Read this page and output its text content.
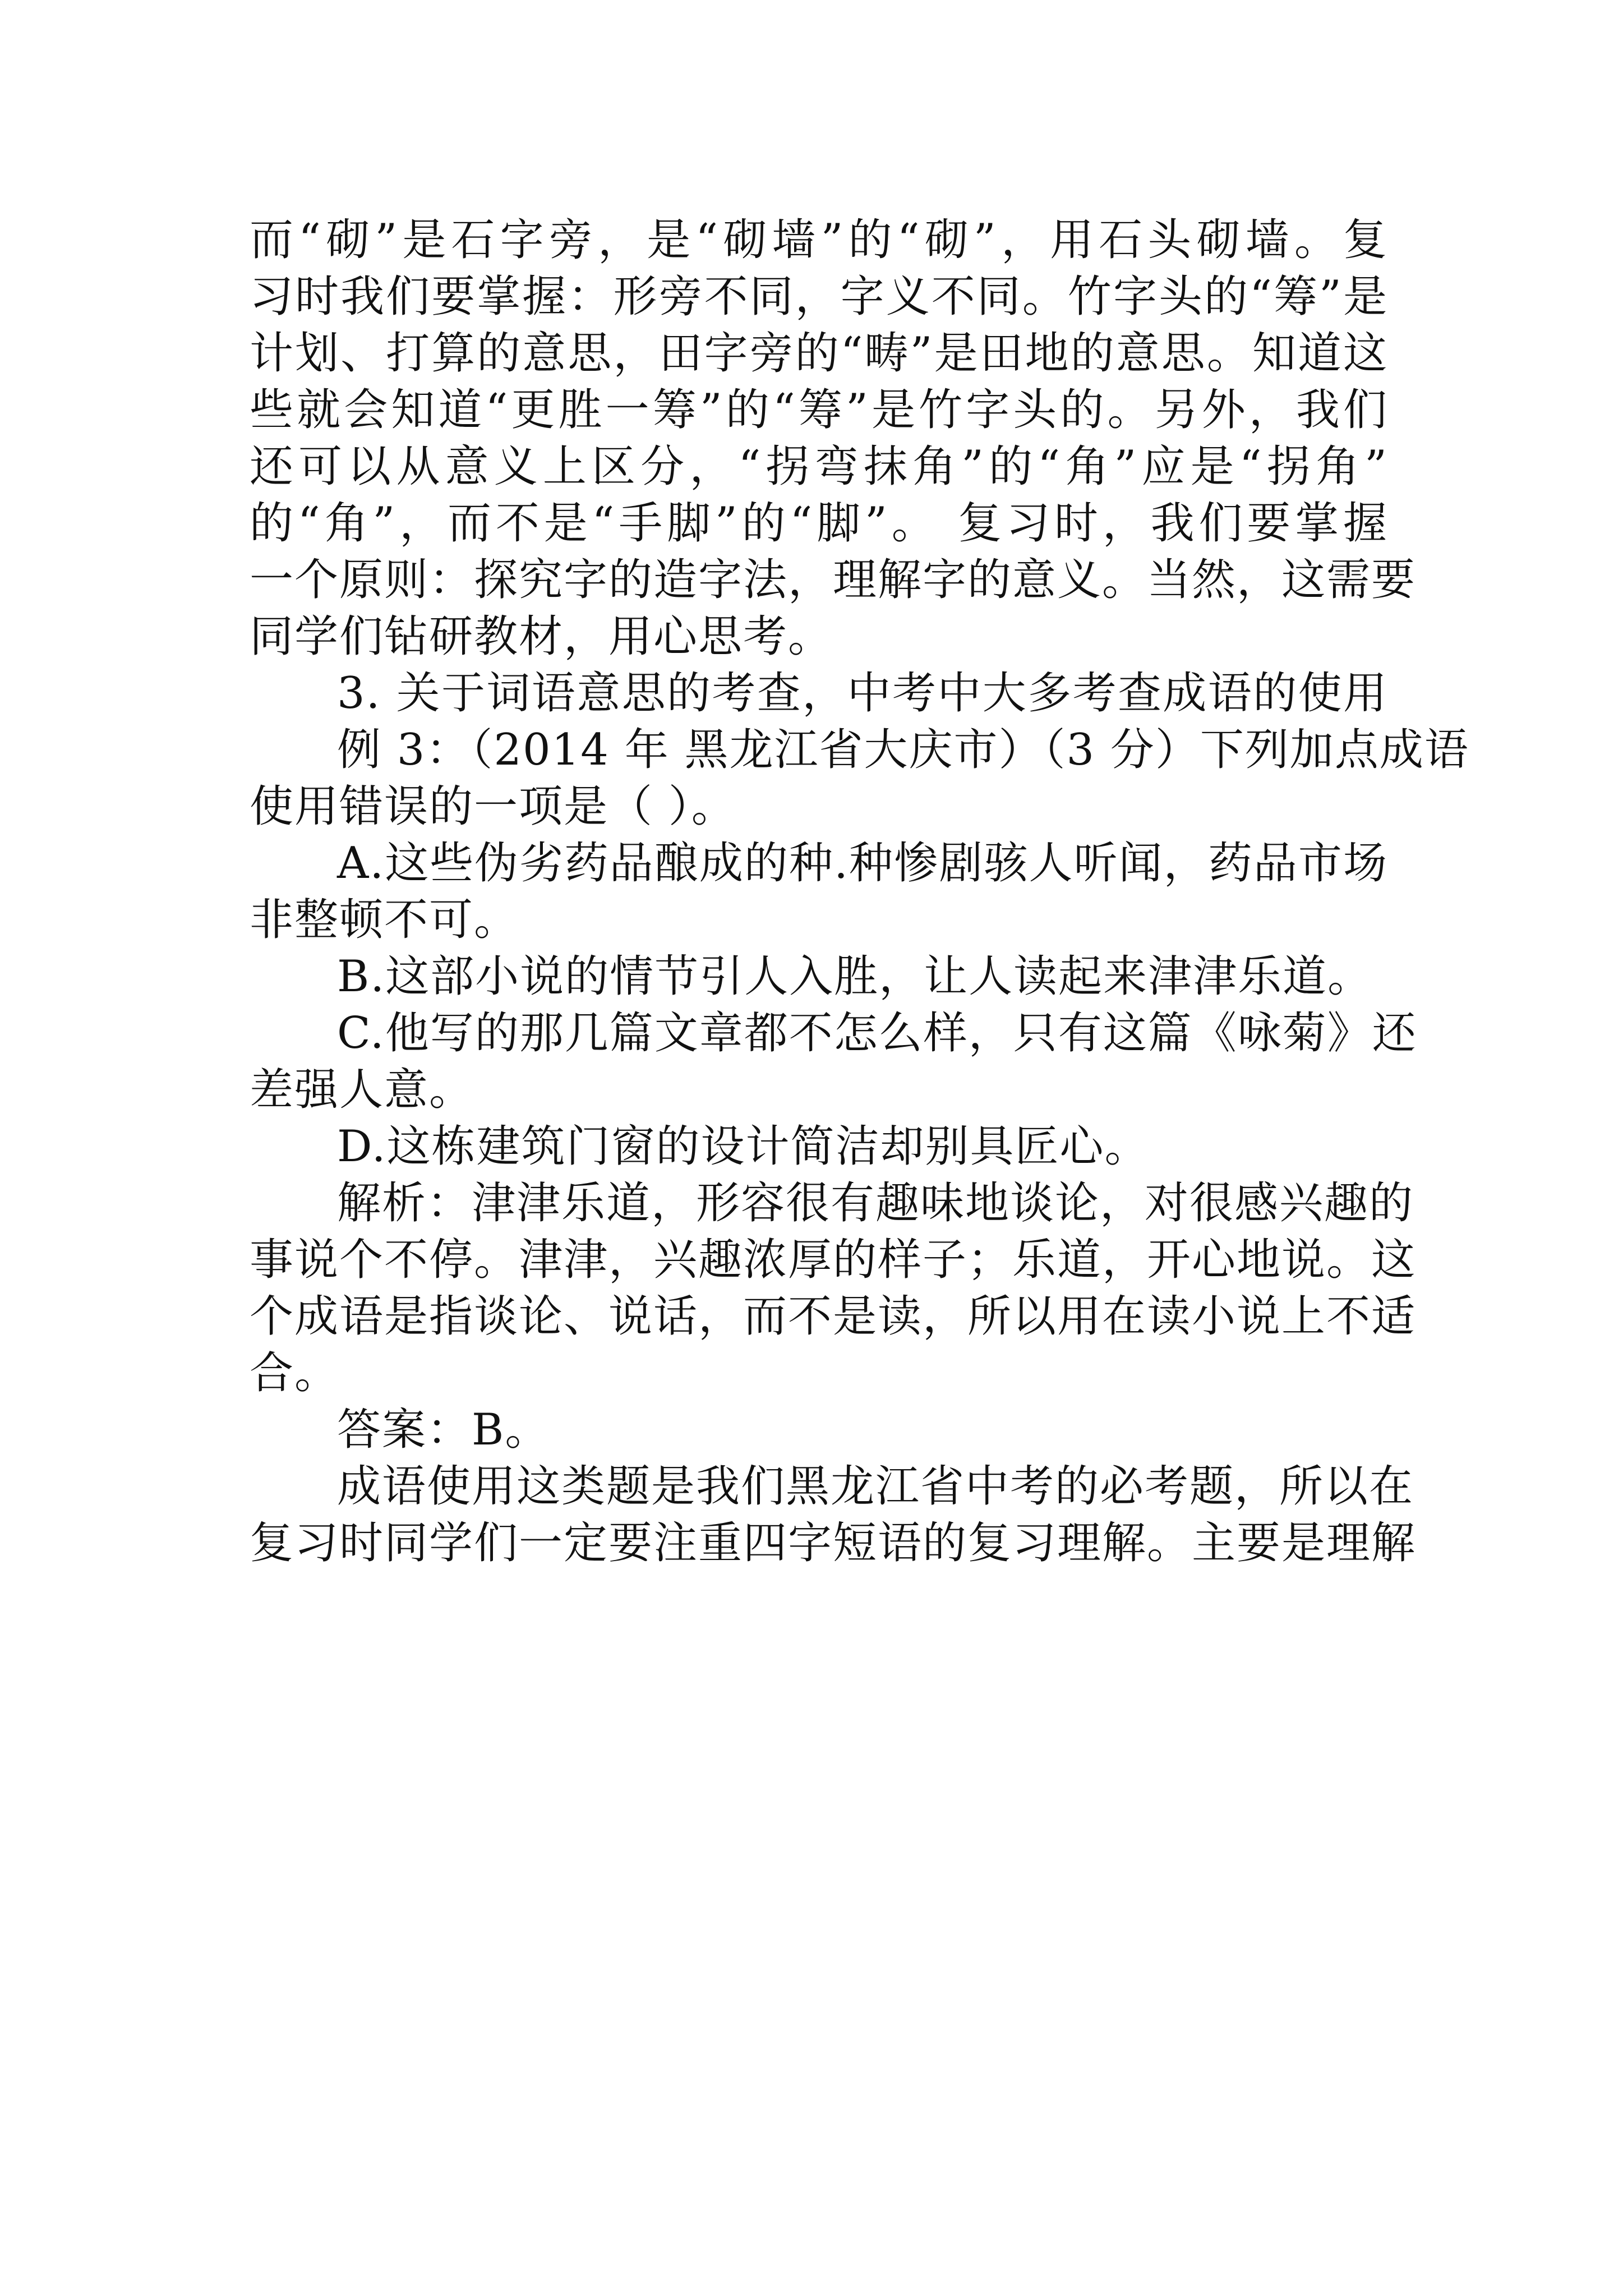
而“砌”是石字旁，是“砌墙”的“砌”，用石头砌墙。复
习时我们要掌握：形旁不同，字义不同。竹字头的“筹”是
计划、打算的意思，田字旁的“畴”是田地的意思。知道这
些就会知道“更胜一筹”的“筹”是竹字头的。另外，我们
还可以从意义上区分，“拐弯抹角”的“角”应是“拐角”
的“角”，而不是“手脚”的“脚”。 复习时，我们要掌握
一个原则：探究字的造字法，理解字的意义。当然，这需要
同学们钻研教材，用心思考。
3. 关于词语意思的考查，中考中大多考查成语的使用
例 3：（2014 年 黑龙江省大庆市）（3 分）下列加点成语
使用错误的一项是（ ）。
A.这些伪劣药品酿成的种.种惨剧骇人听闻，药品市场
非整顿不可。
B.这部小说的情节引人入胜，让人读起来津津乐道。
C.他写的那几篇文章都不怎么样，只有这篇《咏菊》还
差强人意。
D.这栋建筑门窗的设计简洁却别具匠心。
解析：津津乐道，形容很有趣味地谈论，对很感兴趣的
事说个不停。津津，兴趣浓厚的样子；乐道，开心地说。这
个成语是指谈论、说话，而不是读，所以用在读小说上不适
合。
答案：B。
成语使用这类题是我们黑龙江省中考的必考题，所以在
复习时同学们一定要注重四字短语的复习理解。主要是理解
